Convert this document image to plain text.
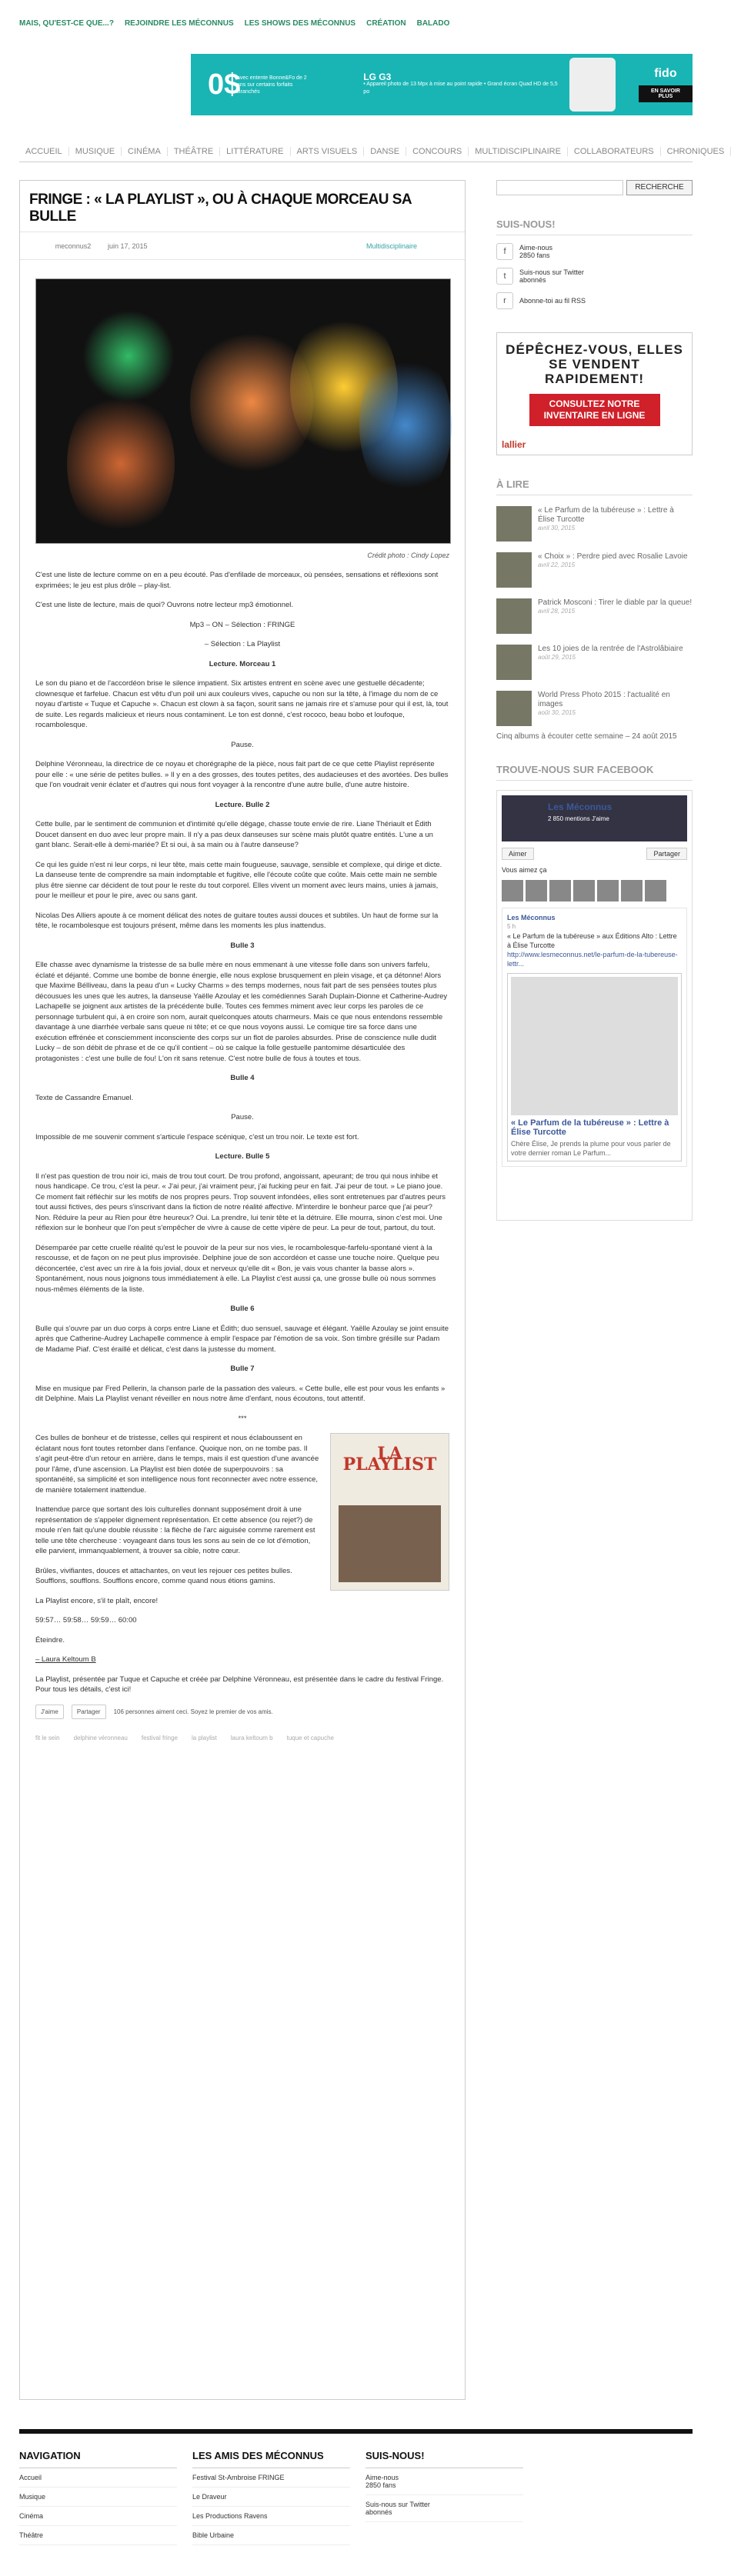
MAIS, QU'EST-CE QUE...? REJOINDRE LES MÉCONNUS LES SHOWS DES MÉCONNUS CRÉATION BALADO
0$
avec entente Bonne&Fo de 2 ans sur certains forfaits Branchés
LG G3
• Appareil photo de 13 Mpx à mise au point rapide • Grand écran Quad HD de 5,5 po
fido
EN SAVOIR PLUS
ACCUEIL	MUSIQUE	CINÉMA	THÉÂTRE	LITTÉRATURE	ARTS VISUELS	DANSE	CONCOURS	MULTIDISCIPLINAIRE	COLLABORATEURS	CHRONIQUES
FRINGE : « LA PLAYLIST », OU À CHAQUE MORCEAU SA BULLE
meconnus2	juin 17, 2015	Multidisciplinaire
Crédit photo : Cindy Lopez

C'est une liste de lecture comme on en a peu écouté. Pas d'enfilade de morceaux, où pensées, sensations et réflexions sont exprimées; le jeu est plus drôle – play-list.

C'est une liste de lecture, mais de quoi? Ouvrons notre lecteur mp3 émotionnel.

Mp3 – ON – Sélection : FRINGE

– Sélection : La Playlist

Lecture. Morceau 1

Le son du piano et de l'accordéon brise le silence impatient. Six artistes entrent en scène avec une gestuelle décadente; clownesque et farfelue. Chacun est vêtu d'un poil uni aux couleurs vives, capuche ou non sur la tête, à l'image du nom de ce noyau d'artiste « Tuque et Capuche ». Chacun est clown à sa façon, sourit sans ne jamais rire et s'amuse pour qui il est, là, tout de suite. Les regards malicieux et rieurs nous contaminent. Le ton est donné, c'est rococo, beau bobo et loufoque, rocambolesque.

Pause.

Delphine Véronneau, la directrice de ce noyau et chorégraphe de la pièce, nous fait part de ce que cette Playlist représente pour elle : « une série de petites bulles. » Il y en a des grosses, des toutes petites, des audacieuses et des avortées. Des bulles que l'on voudrait venir éclater et d'autres qui nous font voyager à la rencontre d'une autre bulle, d'une autre histoire.

Lecture. Bulle 2

Cette bulle, par le sentiment de communion et d'intimité qu'elle dégage, chasse toute envie de rire. Liane Thériault et Édith Doucet dansent en duo avec leur propre main. Il n'y a pas deux danseuses sur scène mais plutôt quatre entités. L'une a un gant blanc. Serait-elle à demi-mariée? Et si oui, à sa main ou à l'autre danseuse?

Ce qui les guide n'est ni leur corps, ni leur tête, mais cette main fougueuse, sauvage, sensible et complexe, qui dirige et dicte. La danseuse tente de comprendre sa main indomptable et fugitive, elle l'écoute coûte que coûte. Mais cette main ne semble plus être sienne car décident de tout pour le reste du tout corporel. Elles vivent un moment avec leurs mains, unies à jamais, pour le meilleur et pour le pire, avec ou sans gant.

Nicolas Des Alliers apoute à ce moment délicat des notes de guitare toutes aussi douces et subtiles. Un haut de forme sur la tête, le rocambolesque est toujours présent, même dans les moments les plus inattendus.

Bulle 3

Elle chasse avec dynamisme la tristesse de sa bulle mère en nous emmenant à une vitesse folle dans son univers farfelu, éclaté et déjanté. Comme une bombe de bonne énergie, elle nous explose brusquement en plein visage, et ça détonne! Alors que Maxime Bélliveau, dans la peau d'un « Lucky Charms » des temps modernes, nous fait part de ses pensées toutes plus décousues les unes que les autres, la danseuse Yaëlle Azoulay et les comédiennes Sarah Duplain-Dionne et Catherine-Audrey Lachapelle se joignent aux artistes de la précédente bulle. Toutes ces femmes miment avec leur corps les paroles de ce personnage turbulent qui, à en croire son nom, aurait quelconques atouts charmeurs. Mais ce que nous entendons ressemble davantage à une diarrhée verbale sans queue ni tête; et ce que nous voyons aussi. Le comique tire sa force dans une exécution effrénée et consciemment inconsciente des corps sur un flot de paroles absurdes. Prise de conscience nulle dudit Lucky – de son débit de phrase et de ce qu'il contient – où se calque la folle gestuelle pantomime désarticulée des protagonistes : c'est une bulle de fou! L'on rit sans retenue. C'est notre bulle de fous à toutes et tous.

Bulle 4

Texte de Cassandre Émanuel.

Pause.

Impossible de me souvenir comment s'articule l'espace scénique, c'est un trou noir. Le texte est fort.

Lecture. Bulle 5

Il n'est pas question de trou noir ici, mais de trou tout court. De trou profond, angoissant, apeurant; de trou qui nous inhibe et nous handicape. Ce trou, c'est la peur. « J'ai peur, j'ai vraiment peur, j'ai fucking peur en fait. J'ai peur de tout. » Le piano joue. Ce moment fait réfléchir sur les motifs de nos propres peurs. Trop souvent infondées, elles sont entretenues par d'autres peurs tout aussi fictives, des peurs s'inscrivant dans la fiction de notre réalité affective. M'interdire le bonheur parce que j'ai peur? Non. Réduire la peur au Rien pour être heureux? Oui. La prendre, lui tenir tête et la détruire. Elle mourra, sinon c'est moi. Une réflexion sur le bonheur que l'on peut s'empêcher de vivre à cause de cette vipère de peur. La peur de tout, partout, du tout.

Désemparée par cette cruelle réalité qu'est le pouvoir de la peur sur nos vies, le rocambolesque-farfelu-spontané vient à la rescousse, et de façon on ne peut plus improvisée. Delphine joue de son accordéon et casse une touche noire. Quelque peu déconcertée, c'est avec un rire à la fois jovial, doux et nerveux qu'elle dit « Bon, je vais vous chanter la basse alors ». Spontanément, nous nous joignons tous immédiatement à elle. La Playlist c'est aussi ça, une grosse bulle où nous sommes nous-mêmes éléments de la liste.

Bulle 6

Bulle qui s'ouvre par un duo corps à corps entre Liane et Édith; duo sensuel, sauvage et élégant. Yaëlle Azoulay se joint ensuite après que Catherine-Audrey Lachapelle commence à emplir l'espace par l'émotion de sa voix. Son timbre grésille sur Padam de Madame Piaf. C'est éraillé et délicat, c'est dans la justesse du moment.

Bulle 7

Mise en musique par Fred Pellerin, la chanson parle de la passation des valeurs. « Cette bulle, elle est pour vous les enfants » dit Delphine. Mais La Playlist venant réveiller en nous notre âme d'enfant, nous écoutons, tout attentif.

***

LA PLAYLIST

Ces bulles de bonheur et de tristesse, celles qui respirent et nous éclaboussent en éclatant nous font toutes retomber dans l'enfance. Quoique non, on ne tombe pas. Il s'agit peut-être d'un retour en arrière, dans le temps, mais il est question d'une avancée pour l'âme, d'une ascension. La Playlist est bien dotée de superpouvoirs : sa spontanéité, sa simplicité et son intelligence nous font reconnecter avec notre essence, de manière totalement inattendue.

Inattendue parce que sortant des lois culturelles donnant supposément droit à une représentation de s'appeler dignement représentation. Et cette absence (ou rejet?) de moule n'en fait qu'une double réussite : la flèche de l'arc aiguisée comme rarement est telle une tête chercheuse : voyageant dans tous les sons au sein de ce lot d'émotion, elle parvient, immanquablement, à trouver sa cible, notre cœur.

Brûles, vivifiantes, douces et attachantes, on veut les rejouer ces petites bulles. Soufflons, soufflons. Soufflons encore, comme quand nous étions gamins.

La Playlist encore, s'il te plaît, encore!

59:57… 59:58… 59:59… 60:00

Éteindre.

– Laura Keltoum B

La Playlist, présentée par Tuque et Capuche et créée par Delphine Véronneau, est présentée dans le cadre du festival Fringe. Pour tous les détails, c'est ici!

J'aime	Partager	106 personnes aiment ceci. Soyez le premier de vos amis.
fit le sein delphine véronneau festival fringe la playlist laura keltoum b tuque et capuche
RECHERCHE
SUIS-NOUS!
f	Aime-nous
2850 fans
t	Suis-nous sur Twitter
abonnés
r	Abonne-toi au fil RSS
DÉPÊCHEZ-VOUS, ELLES SE VENDENT RAPIDEMENT!
CONSULTEZ NOTRE INVENTAIRE EN LIGNE
lallier
À LIRE
« Le Parfum de la tubéreuse » : Lettre à Élise Turcotte
avril 30, 2015
« Choix » : Perdre pied avec Rosalie Lavoie
avril 22, 2015
Patrick Mosconi : Tirer le diable par la queue!
avril 28, 2015
Les 10 joies de la rentrée de l'Astrolâbiaire
août 29, 2015
World Press Photo 2015 : l'actualité en images
août 30, 2015
Cinq albums à écouter cette semaine – 24 août 2015
TROUVE-NOUS SUR FACEBOOK
Les Méconnus
2 850 mentions J'aime
Aimer	Partager
Vous aimez ça
Les Méconnus
5 h
« Le Parfum de la tubéreuse » aux Éditions Alto : Lettre à Élise Turcotte
http://www.lesmeconnus.net/le-parfum-de-la-tubereuse-lettr...
« Le Parfum de la tubéreuse » : Lettre à Élise Turcotte
Chère Élise, Je prends la plume pour vous parler de votre dernier roman Le Parfum...
NAVIGATION
Accueil
Musique
Cinéma
Théâtre
LES AMIS DES MÉCONNUS
Festival St-Ambroise FRINGE
Le Draveur
Les Productions Ravens
Bible Urbaine
SUIS-NOUS!
Aime-nous
2850 fans
Suis-nous sur Twitter
abonnés
